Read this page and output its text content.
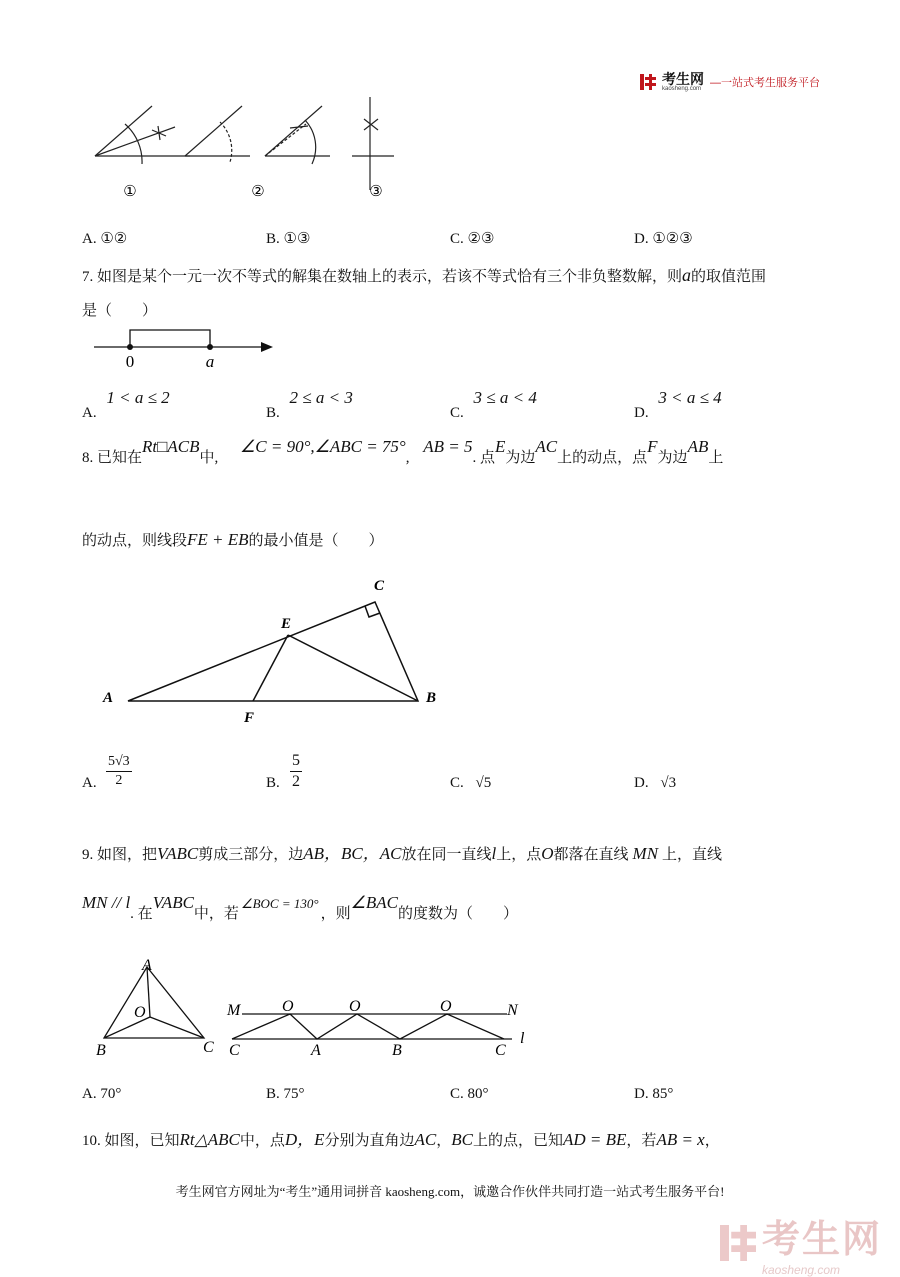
考生网
kaosheng.com —一站式考生服务平台
①	②	③
A. ①②	B. ①③	C. ②③	D. ①②③
7. 如图是某个一元一次不等式的解集在数轴上的表示，若该不等式恰有三个非负整数解，则a的取值范围
是（　　）
0	a
A. 1 < a ≤ 2
B. 2 ≤ a < 3
C. 3 ≤ a < 4
D. 3 < a ≤ 4
8. 已知在Rt□ACB中, ∠C = 90°,∠ABC = 75°, AB = 5. 点E为边AC上的动点，点F为边AB上
的动点，则线段FE + EB的最小值是（　　）
A	B
C
E
F
A.
5√3
2	B.
5
2	C. √5	D. √3
9. 如图，把VABC剪成三部分，边AB，BC，AC放在同一直线l上，点O都落在直线 MN 上，直线
MN // l. 在VABC中，若∠BOC = 130°，则∠BAC的度数为（　　）
A
O
B	C
M	O	O	O	N
C	A	B	C
l
A. 70°	B. 75°	C. 80°	D. 85°
10. 如图，已知Rt△ABC中，点D，E分别为直角边AC，BC上的点，已知AD = BE，若AB = x，
考生网官方网址为“考生”通用词拼音 kaosheng.com，诚邀合作伙伴共同打造一站式考生服务平台!
考生网
kaosheng.com
